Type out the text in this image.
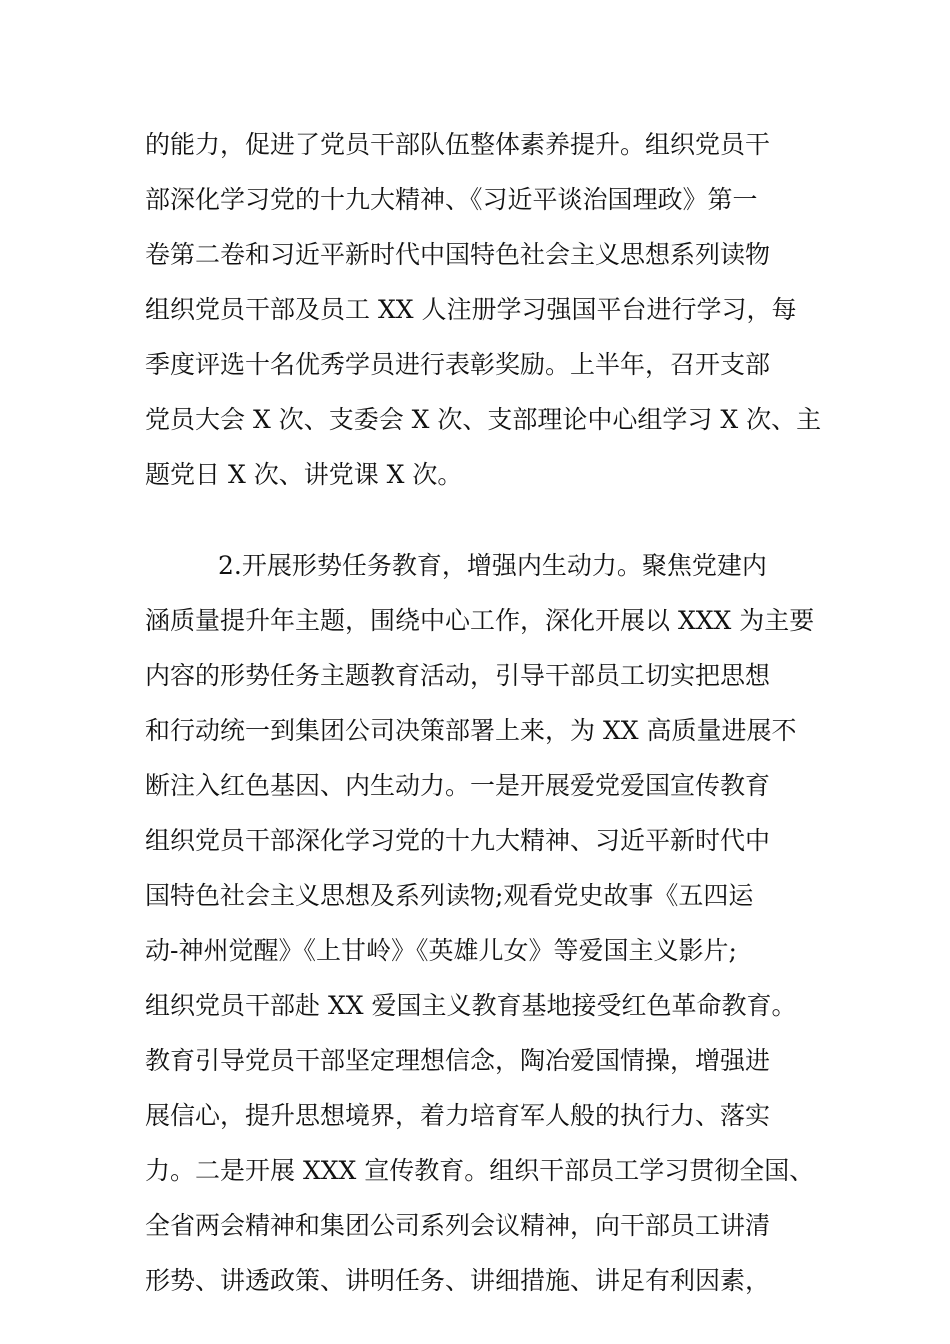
的能力，促进了党员干部队伍整体素养提升。组织党员干
部深化学习党的十九大精神、《习近平谈治国理政》第一
卷第二卷和习近平新时代中国特色社会主义思想系列读物
组织党员干部及员工 XX 人注册学习强国平台进行学习，每
季度评选十名优秀学员进行表彰奖励。上半年，召开支部
党员大会 X 次、支委会 X 次、支部理论中心组学习 X 次、主
题党日 X 次、讲党课 X 次。
2.开展形势任务教育，增强内生动力。聚焦党建内
涵质量提升年主题，围绕中心工作，深化开展以 XXX 为主要
内容的形势任务主题教育活动，引导干部员工切实把思想
和行动统一到集团公司决策部署上来，为 XX 高质量进展不
断注入红色基因、内生动力。一是开展爱党爱国宣传教育
组织党员干部深化学习党的十九大精神、习近平新时代中
国特色社会主义思想及系列读物;观看党史故事《五四运
动-神州觉醒》《上甘岭》《英雄儿女》等爱国主义影片;
组织党员干部赴 XX 爱国主义教育基地接受红色革命教育。
教育引导党员干部坚定理想信念，陶冶爱国情操，增强进
展信心，提升思想境界，着力培育军人般的执行力、落实
力。二是开展 XXX 宣传教育。组织干部员工学习贯彻全国、
全省两会精神和集团公司系列会议精神，向干部员工讲清
形势、讲透政策、讲明任务、讲细措施、讲足有利因素，
